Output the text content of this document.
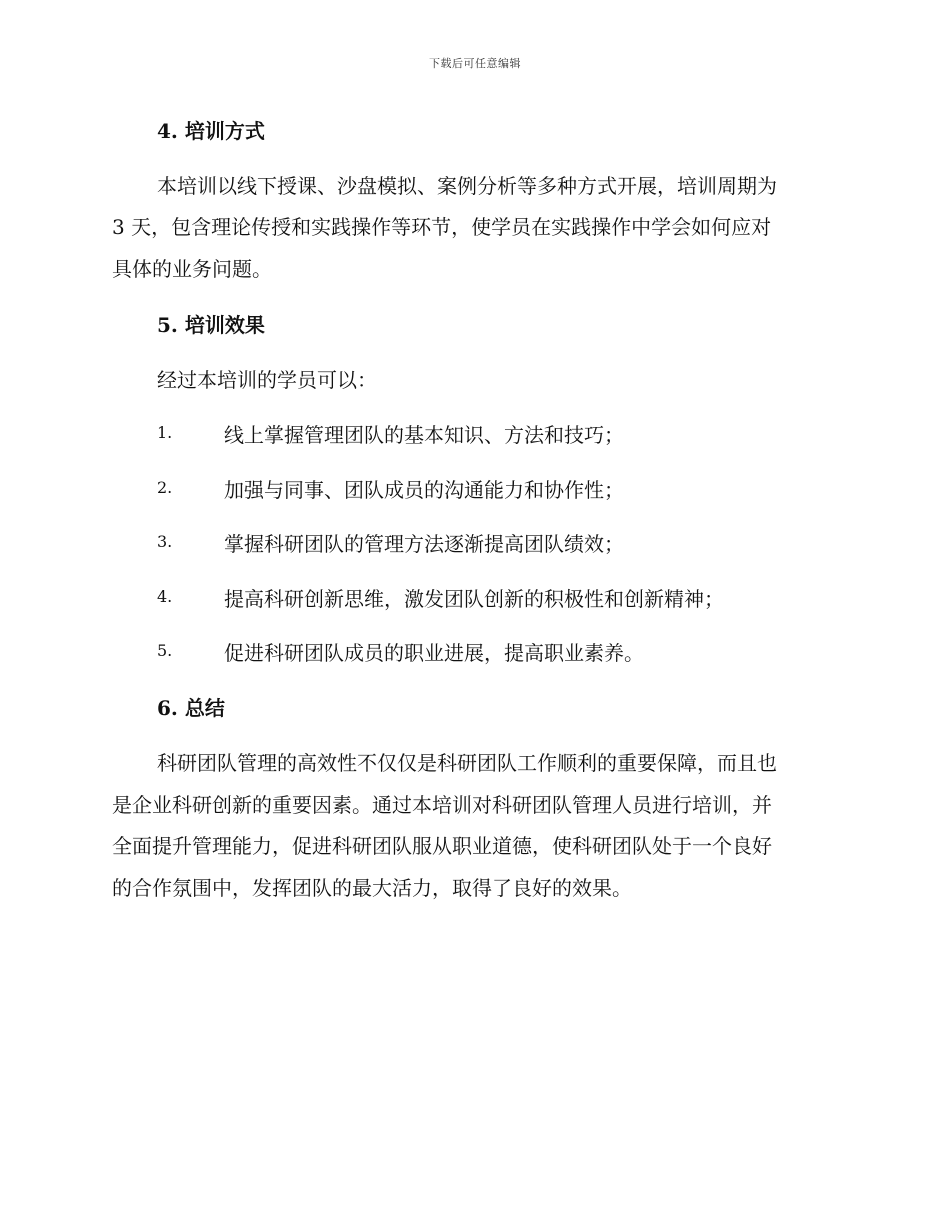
下载后可任意编辑
4. 培训方式
本培训以线下授课、沙盘模拟、案例分析等多种方式开展，培训周期为
3 天，包含理论传授和实践操作等环节，使学员在实践操作中学会如何应对
具体的业务问题。
5. 培训效果
经过本培训的学员可以：
1.	线上掌握管理团队的基本知识、方法和技巧；
2.	加强与同事、团队成员的沟通能力和协作性；
3.	掌握科研团队的管理方法逐渐提高团队绩效；
4.	提高科研创新思维，激发团队创新的积极性和创新精神；
5.	促进科研团队成员的职业进展，提高职业素养。
6. 总结
科研团队管理的高效性不仅仅是科研团队工作顺利的重要保障，而且也
是企业科研创新的重要因素。通过本培训对科研团队管理人员进行培训，并
全面提升管理能力，促进科研团队服从职业道德，使科研团队处于一个良好
的合作氛围中，发挥团队的最大活力，取得了良好的效果。
